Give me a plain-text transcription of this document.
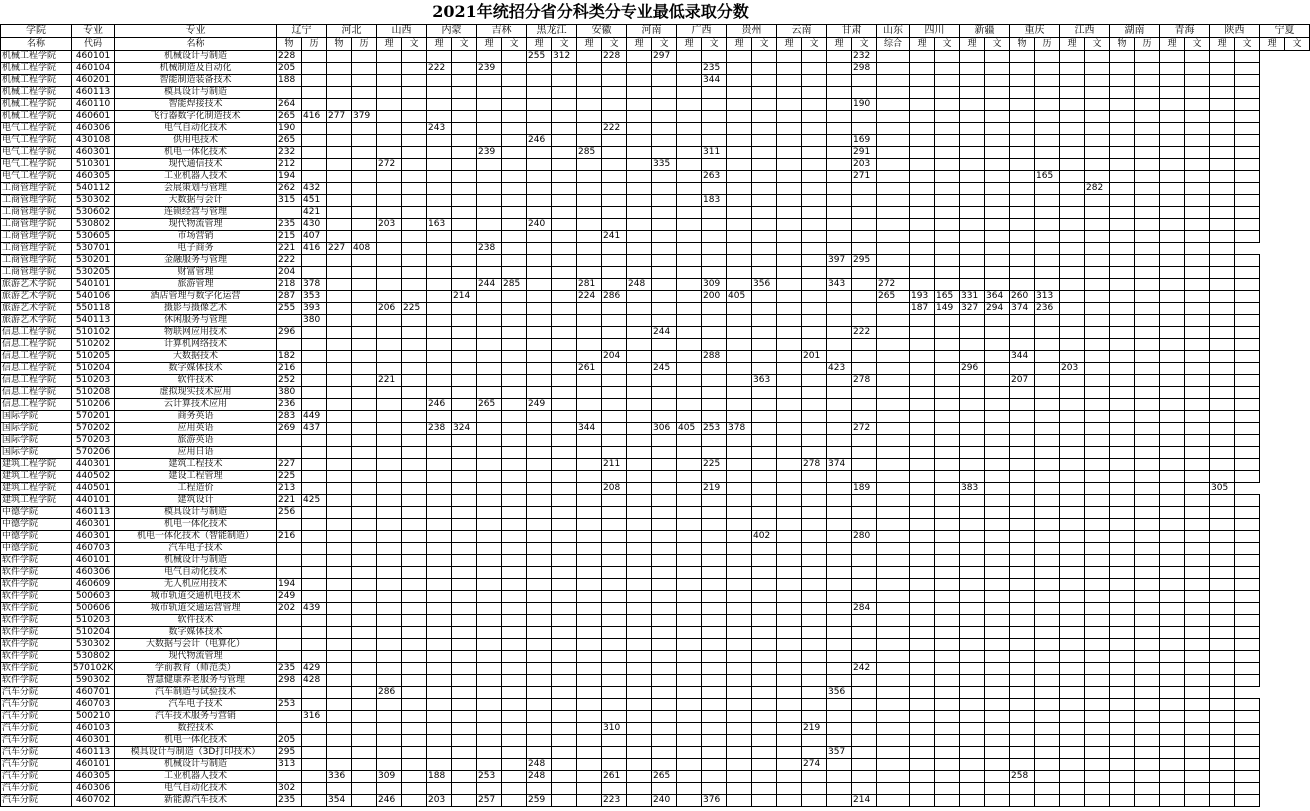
2021年统招分省分科类分专业最低录取分数
学院	专业	专业	辽宁		河北		山西		内蒙		吉林		黑龙江		安徽		河南		广西		贵州		云南		甘肃		山东	四川		新疆		重庆		江西		湖南		青海		陕西		宁夏	
名称	代码	名称	物	历	物	历	理	文	理	文	理	文	理	文	理	文	理	文	理	文	理	文	理	文	理	文	综合	理	文	理	文	物	历	理	文	物	历	理	文	理	文	理	文
机械工程学院	460101	机械设计与制造	228										255	312		228		297								232																	
机械工程学院	460104	机械制造及自动化	205						222		239									235						298																	
机械工程学院	460201	智能制造装备技术	188																	344																							
机械工程学院	460113	模具设计与制造																																									
机械工程学院	460110	智能焊接技术	264																							190																	
机械工程学院	460601	飞行器数字化制造技术	265	416	277	379																																					
电气工程学院	460306	电气自动化技术	190						243							222																											
电气工程学院	430108	供用电技术	265										246													169																	
电气工程学院	460301	机电一体化技术	232								239				285					311						291																	
电气工程学院	510301	现代通信技术	212				272											335								203																	
电气工程学院	460305	工业机器人技术	194																	263						271							165										
工商管理学院	540112	会展策划与管理	262	432																															282								
工商管理学院	530302	大数据与会计	315	451																183																							
工商管理学院	530602	连锁经营与管理		421																																							
工商管理学院	530802	现代物流管理	235	430			203		163				240																														
工商管理学院	530605	市场营销	215	407												241																											
工商管理学院	530701	电子商务	221	416	227	408					238																																
工商管理学院	530201	金融服务与管理	222																						397	295																	
工商管理学院	530205	财富管理	204																																								
旅游艺术学院	540101	旅游管理	218	378							244	285			281		248			309		356			343		272																
旅游艺术学院	540106	酒店管理与数字化运营	287	353						214					224	286				200	405						265	193	165	331	364	260	313										
旅游艺术学院	550118	摄影与摄像艺术	255	393			206	225																				187	149	327	294	374	236										
旅游艺术学院	540113	休闲服务与管理		380																																							
信息工程学院	510102	物联网应用技术	296															244								222																	
信息工程学院	510202	计算机网络技术																																									
信息工程学院	510205	大数据技术	182													204				288				201								344											
信息工程学院	510204	数字媒体技术	216												261			245							423					296				203									
信息工程学院	510203	软件技术	252				221															363				278						207											
信息工程学院	510208	虚拟现实技术应用	380																																								
信息工程学院	510206	云计算技术应用	236						246		265		249																														
国际学院	570201	商务英语	283	449																																							
国际学院	570202	应用英语	269	437					238	324					344			306	405	253	378					272																	
国际学院	570203	旅游英语																																									
国际学院	570206	应用日语																																									
建筑工程学院	440301	建筑工程技术	227													211				225				278	374																		
建筑工程学院	440502	建设工程管理	225																																								
建筑工程学院	440501	工程造价	213													208				219						189				383										305			
建筑工程学院	440101	建筑设计	221	425																																							
中德学院	460113	模具设计与制造	256																																								
中德学院	460301	机电一体化技术																																									
中德学院	460301	机电一体化技术（智能制造）	216																			402				280																	
中德学院	460703	汽车电子技术																																									
软件学院	460101	机械设计与制造																																									
软件学院	460306	电气自动化技术																																									
软件学院	460609	无人机应用技术	194																																								
软件学院	500603	城市轨道交通机电技术	249																																								
软件学院	500606	城市轨道交通运营管理	202	439																						284																	
软件学院	510203	软件技术																																									
软件学院	510204	数字媒体技术																																									
软件学院	530302	大数据与会计（电算化）																																									
软件学院	530802	现代物流管理																																									
软件学院	570102K	学前教育（师范类）	235	429																						242																	
软件学院	590302	智慧健康养老服务与管理	298	428																																							
汽车分院	460701	汽车制造与试验技术					286																		356																		
汽车分院	460703	汽车电子技术	253																																								
汽车分院	500210	汽车技术服务与营销		316																																							
汽车分院	460103	数控技术														310								219																			
汽车分院	460301	机电一体化技术	205																																								
汽车分院	460113	模具设计与制造（3D打印技术）	295																						357																		
汽车分院	460101	机械设计与制造	313										248											274																			
汽车分院	460305	工业机器人技术			336		309		188		253		248			261		265														258											
汽车分院	460306	电气自动化技术	302																																								
汽车分院	460702	新能源汽车技术	235		354		246		203		257		259			223		240		376						214																	
